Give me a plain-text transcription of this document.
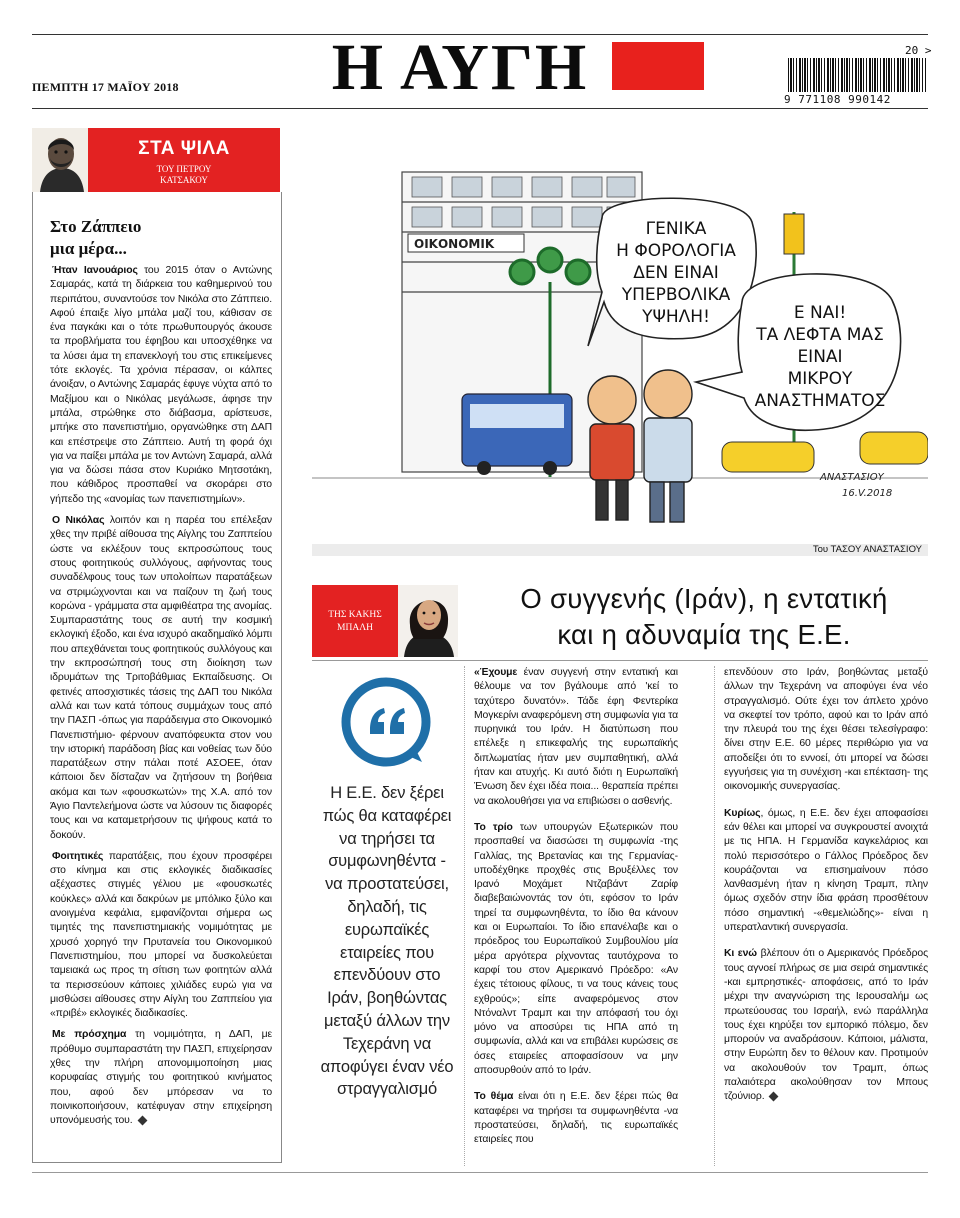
Η ΑΥΓΗ
ΠΕΜΠΤΗ 17 ΜΑΪΟΥ 2018
9 771108 990142
20 >
ΣΤΑ ΨΙΛΑ
ΤΟΥ ΠΕΤΡΟΥ
ΚΑΤΣΑΚΟΥ
Στο Ζάππειο
μια μέρα...

Ήταν Ιανουάριος του 2015 όταν ο Αντώνης Σαμαράς, κατά τη διάρκεια του καθημερινού του περιπάτου, συναντούσε τον Νικόλα στο Ζάππειο. Αφού έπαιξε λίγο μπάλα μαζί του, κάθισαν σε ένα παγκάκι και ο τότε πρωθυπουργός άκουσε τα προβλήματα του έφηβου και υποσχέθηκε να τα λύσει άμα τη επανεκλογή του στις επικείμενες τότε εκλογές. Τα χρόνια πέρασαν, οι κάλπες άνοιξαν, ο Αντώνης Σαμαράς έφυγε νύχτα από το Μαξίμου και ο Νικόλας μεγάλωσε, άφησε την μπάλα, στρώθηκε στο διάβασμα, αρίστευσε, μπήκε στο πανεπιστήμιο, οργανώθηκε στη ΔΑΠ και επέστρεψε στο Ζάππειο. Αυτή τη φορά όχι για να παίξει μπάλα με τον Αντώνη Σαμαρά, αλλά για να δώσει πάσα στον Κυριάκο Μητσοτάκη, που κάθιδρος προσπαθεί να σκοράρει στο γήπεδο της «ανομίας των πανεπιστημίων».

Ο Νικόλας λοιπόν και η παρέα του επέλεξαν χθες την πριβέ αίθουσα της Αίγλης του Ζαππείου ώστε να εκλέξουν τους εκπροσώπους τους στους φοιτητικούς συλλόγους, αφήνοντας τους συναδέλφους τους των υπολοίπων παρατάξεων να στριμώχνονται και να παίζουν τη ζωή τους κορώνα - γράμματα στα αμφιθέατρα της ανομίας. Συμπαραστάτης τους σε αυτή την κοσμική εκλογική έξοδο, και ένα ισχυρό ακαδημαϊκό λόμπι που απεχθάνεται τους φοιτητικούς συλλόγους και την εκπροσώπησή τους στη διοίκηση των ιδρυμάτων της Τριτοβάθμιας Εκπαίδευσης. Οι φετινές αποσχιστικές τάσεις της ΔΑΠ του Νικόλα αλλά και των κατά τόπους συμμάχων τους από την ΠΑΣΠ -όπως για παράδειγμα στο Οικονομικό Πανεπιστήμιο- φέρνουν αναπόφευκτα στον νου την ιστορική παράδοση βίας και νοθείας των δύο παρατάξεων στην πάλαι ποτέ ΑΣΟΕΕ, όταν κάποιοι δεν δίσταζαν να ζητήσουν τη βοήθεια ακόμα και των «φουσκωτών» της Χ.Α. από τον Άγιο Παντελεήμονα ώστε να λύσουν τις διαφορές τους και να καταμετρήσουν τις ψήφους κατά το δοκούν.

Φοιτητικές παρατάξεις, που έχουν προσφέρει στο κίνημα και στις εκλογικές διαδικασίες αξέχαστες στιγμές γέλιου με «φουσκωτές κούκλες» αλλά και δακρύων με μπόλικο ξύλο και ανοιγμένα κεφάλια, εμφανίζονται σήμερα ως τιμητές της πανεπιστημιακής νομιμότητας με χρυσό χορηγό την Πρυτανεία του Οικονομικού Πανεπιστημίου, που μπορεί να δυσκολεύεται ταμειακά ως προς τη σίτιση των φοιτητών αλλά τα περισσεύουν κάποιες χιλιάδες ευρώ για να μισθώσει αίθουσες στην Αίγλη του Ζαππείου για «πριβέ» εκλογικές διαδικασίες.

Με πρόσχημα τη νομιμότητα, η ΔΑΠ, με πρόθυμο συμπαραστάτη την ΠΑΣΠ, επιχείρησαν χθες την πλήρη απονομιμοποίηση μιας κορυφαίας στιγμής του φοιτητικού κινήματος που, αφού δεν μπόρεσαν να το ποινικοποιήσουν, κατέφυγαν στην επιχείρηση υπονόμευσής του.

ΟΙΚΟΝΟΜΙΚ
ΓΕΝΙΚΑ
Η ΦΟΡΟΛΟΓΙΑ
ΔΕΝ ΕΙΝΑΙ
ΥΠΕΡΒΟΛΙΚΑ
ΥΨΗΛΗ!	Ε ΝΑΙ!
ΤΑ ΛΕΦΤΑ ΜΑΣ
ΕΙΝΑΙ
ΜΙΚΡΟΥ
ΑΝΑΣΤΗΜΑΤΟΣ
ΑΝΑΣΤΑΣΙΟΥ
16.V.2018
Του ΤΑΣΟΥ ΑΝΑΣΤΑΣΙΟΥ
ΤΗΣ ΚΑΚΗΣ
ΜΠΑΛΗ
Ο συγγενής (Ιράν), η εντατική
και η αδυναμία της Ε.Ε.
Η Ε.Ε. δεν ξέρει πώς θα καταφέρει να τηρήσει τα συμφωνηθέντα - να προστατεύσει, δηλαδή, τις ευρωπαϊκές εταιρείες που επενδύουν στο Ιράν, βοηθώντας μεταξύ άλλων την Τεχεράνη να αποφύγει έναν νέο στραγγαλισμό

«Έχουμε έναν συγγενή στην εντατική και θέλουμε να τον βγάλουμε από 'κεί το ταχύτερο δυνατόν». Τάδε έφη Φεντερίκα Μογκερίνι αναφερόμενη στη συμφωνία για τα πυρηνικά του Ιράν. Η διατύπωση που επέλεξε η επικεφαλής της ευρωπαϊκής διπλωματίας ήταν μεν συμπαθητική, αλλά ήταν και ατυχής. Κι αυτό διότι η Ευρωπαϊκή Ένωση δεν έχει ιδέα ποια... θεραπεία πρέπει να ακολουθήσει για να επιβιώσει ο ασθενής.

Το τρίο των υπουργών Εξωτερικών που προσπαθεί να διασώσει τη συμφωνία -της Γαλλίας, της Βρετανίας και της Γερμανίας- υποδέχθηκε προχθές στις Βρυξέλλες τον Ιρανό Μοχάμετ Ντζαβάντ Ζαρίφ διαβεβαιώνοντάς τον ότι, εφόσον το Ιράν τηρεί τα συμφωνηθέντα, το ίδιο θα κάνουν και οι Ευρωπαίοι. Το ίδιο επανέλαβε και ο πρόεδρος του Ευρωπαϊκού Συμβουλίου μία μέρα αργότερα ρίχνοντας ταυτόχρονα το καρφί του στον Αμερικανό Πρόεδρο: «Αν έχεις τέτοιους φίλους, τι να τους κάνεις τους εχθρούς»; είπε αναφερόμενος στον Ντόναλντ Τραμπ και την απόφασή του όχι μόνο να αποσύρει τις ΗΠΑ από τη συμφωνία, αλλά και να επιβάλει κυρώσεις σε όσες εταιρείες αποφασίσουν να μην αποσυρθούν από το Ιράν.

Το θέμα είναι ότι η Ε.Ε. δεν ξέρει πώς θα καταφέρει να τηρήσει τα συμφωνηθέντα -να προστατεύσει, δηλαδή, τις ευρωπαϊκές εταιρείες που

επενδύουν στο Ιράν, βοηθώντας μεταξύ άλλων την Τεχεράνη να αποφύγει ένα νέο στραγγαλισμό. Ούτε έχει τον άπλετο χρόνο να σκεφτεί τον τρόπο, αφού και το Ιράν από την πλευρά του της έχει θέσει τελεσίγραφο: δίνει στην Ε.Ε. 60 μέρες περιθώριο για να αποδείξει ότι το εννοεί, ότι μπορεί να δώσει εγγυήσεις για τη συνέχιση -και επέκταση- της οικονομικής συνεργασίας.

Κυρίως, όμως, η Ε.Ε. δεν έχει αποφασίσει εάν θέλει και μπορεί να συγκρουστεί ανοιχτά με τις ΗΠΑ. Η Γερμανίδα καγκελάριος και πολύ περισσότερο ο Γάλλος Πρόεδρος δεν κουράζονται να επισημαίνουν πόσο λανθασμένη ήταν η κίνηση Τραμπ, πλην όμως σχεδόν στην ίδια φράση προσθέτουν πόσο σημαντική -«θεμελιώδης»- είναι η υπερατλαντική συνεργασία.

Κι ενώ βλέπουν ότι ο Αμερικανός Πρόεδρος τους αγνοεί πλήρως σε μια σειρά σημαντικές -και εμπρηστικές- αποφάσεις, από το Ιράν μέχρι την αναγνώριση της Ιερουσαλήμ ως πρωτεύουσας του Ισραήλ, ενώ παράλληλα τους έχει κηρύξει τον εμπορικό πόλεμο, δεν μπορούν να αναδράσουν. Κάποιοι, μάλιστα, στην Ευρώπη δεν το θέλουν καν. Προτιμούν να ακολουθούν τον Τραμπ, όπως παλαιότερα ακολούθησαν τον Μπους τζούνιορ.
